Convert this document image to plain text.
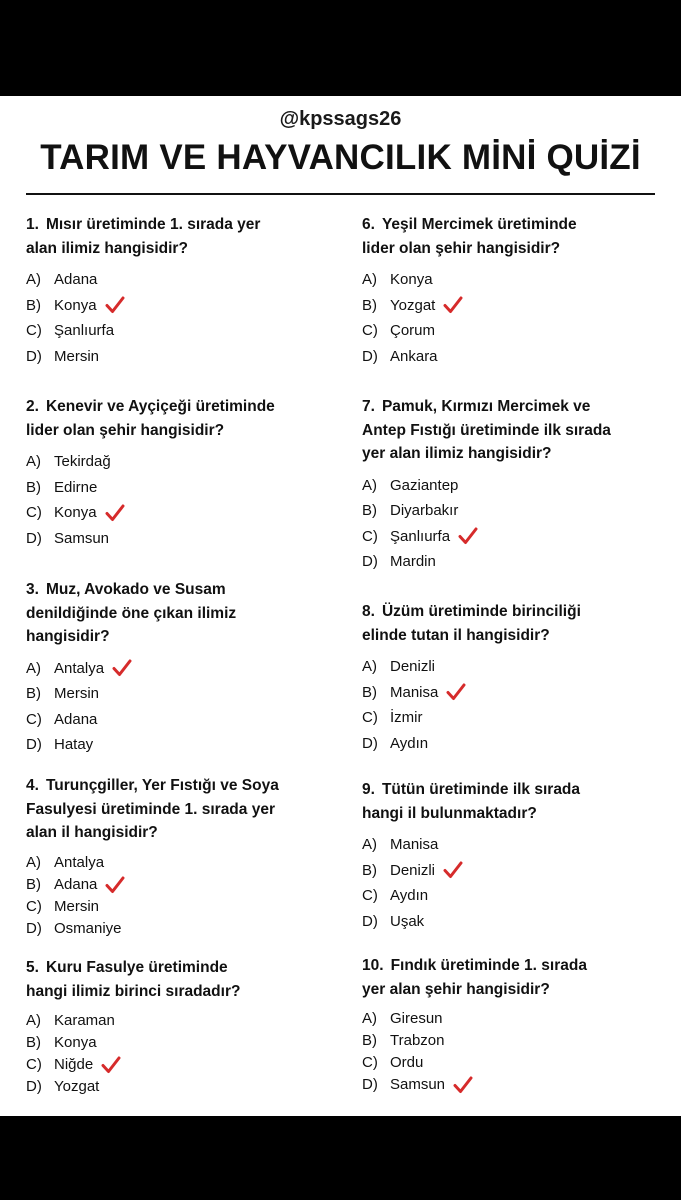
@kpssags26
TARIM VE HAYVANCILIK MİNİ QUİZİ

1. Mısır üretiminde 1. sırada yer
alan ilimiz hangisidir?

A) Adana
B) Konya
C) Şanlıurfa
D) Mersin

2. Kenevir ve Ayçiçeği üretiminde
lider olan şehir hangisidir?

A) Tekirdağ
B) Edirne
C) Konya
D) Samsun

3. Muz, Avokado ve Susam
denildiğinde öne çıkan ilimiz
hangisidir?

A) Antalya
B) Mersin
C) Adana
D) Hatay

4. Turunçgiller, Yer Fıstığı ve Soya
Fasulyesi üretiminde 1. sırada yer
alan il hangisidir?

A) Antalya
B) Adana
C) Mersin
D) Osmaniye

5. Kuru Fasulye üretiminde
hangi ilimiz birinci sıradadır?

A) Karaman
B) Konya
C) Niğde
D) Yozgat

6. Yeşil Mercimek üretiminde
lider olan şehir hangisidir?

A) Konya
B) Yozgat
C) Çorum
D) Ankara

7. Pamuk, Kırmızı Mercimek ve
Antep Fıstığı üretiminde ilk sırada
yer alan ilimiz hangisidir?

A) Gaziantep
B) Diyarbakır
C) Şanlıurfa
D) Mardin

8. Üzüm üretiminde birinciliği
elinde tutan il hangisidir?

A) Denizli
B) Manisa
C) İzmir
D) Aydın

9. Tütün üretiminde ilk sırada
hangi il bulunmaktadır?

A) Manisa
B) Denizli
C) Aydın
D) Uşak

10. Fındık üretiminde 1. sırada
yer alan şehir hangisidir?

A) Giresun
B) Trabzon
C) Ordu
D) Samsun
